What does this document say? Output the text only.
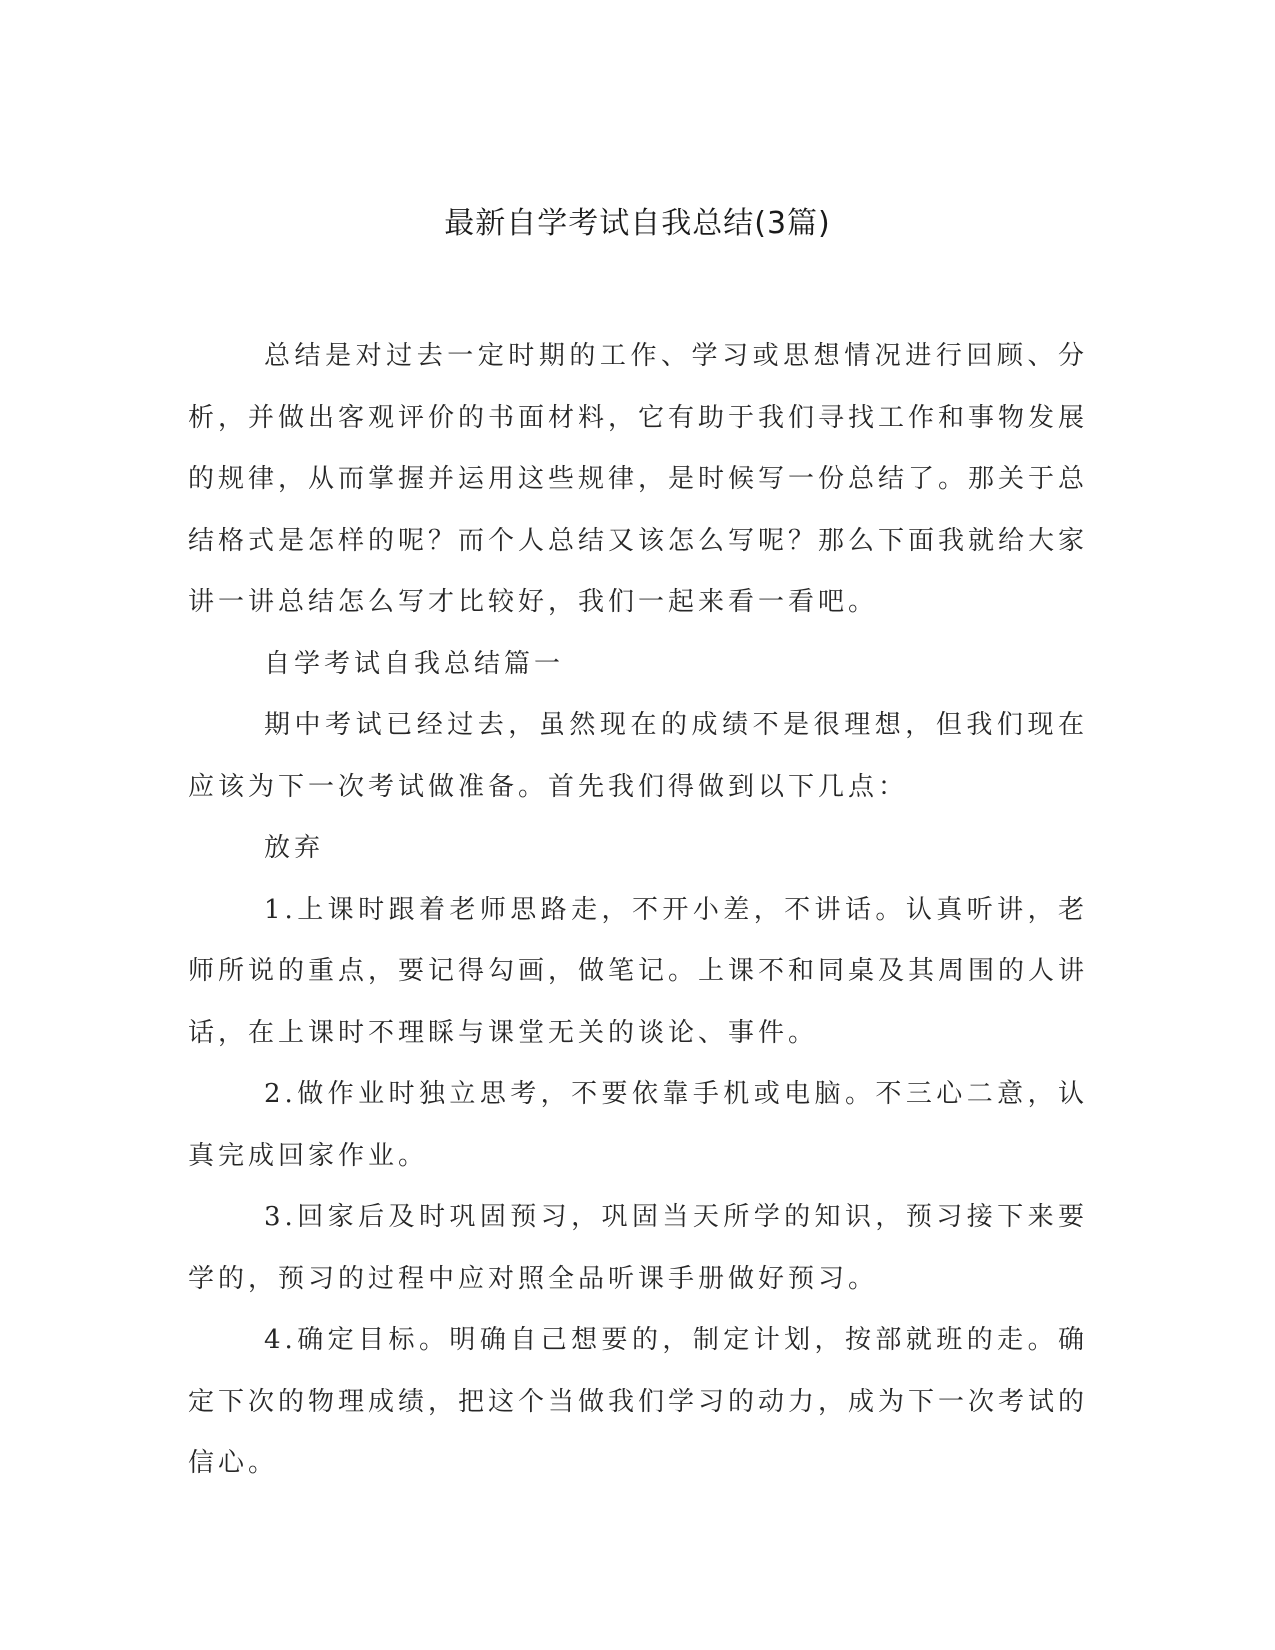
最新自学考试自我总结(3篇)

总结是对过去一定时期的工作、学习或思想情况进行回顾、分析，并做出客观评价的书面材料，它有助于我们寻找工作和事物发展的规律，从而掌握并运用这些规律，是时候写一份总结了。那关于总结格式是怎样的呢？而个人总结又该怎么写呢？那么下面我就给大家讲一讲总结怎么写才比较好，我们一起来看一看吧。

自学考试自我总结篇一

期中考试已经过去，虽然现在的成绩不是很理想，但我们现在应该为下一次考试做准备。首先我们得做到以下几点：

放弃

1.上课时跟着老师思路走，不开小差，不讲话。认真听讲，老师所说的重点，要记得勾画，做笔记。上课不和同桌及其周围的人讲话，在上课时不理睬与课堂无关的谈论、事件。

2.做作业时独立思考，不要依靠手机或电脑。不三心二意，认真完成回家作业。

3.回家后及时巩固预习，巩固当天所学的知识，预习接下来要学的，预习的过程中应对照全品听课手册做好预习。

4.确定目标。明确自己想要的，制定计划，按部就班的走。确定下次的物理成绩，把这个当做我们学习的动力，成为下一次考试的信心。
